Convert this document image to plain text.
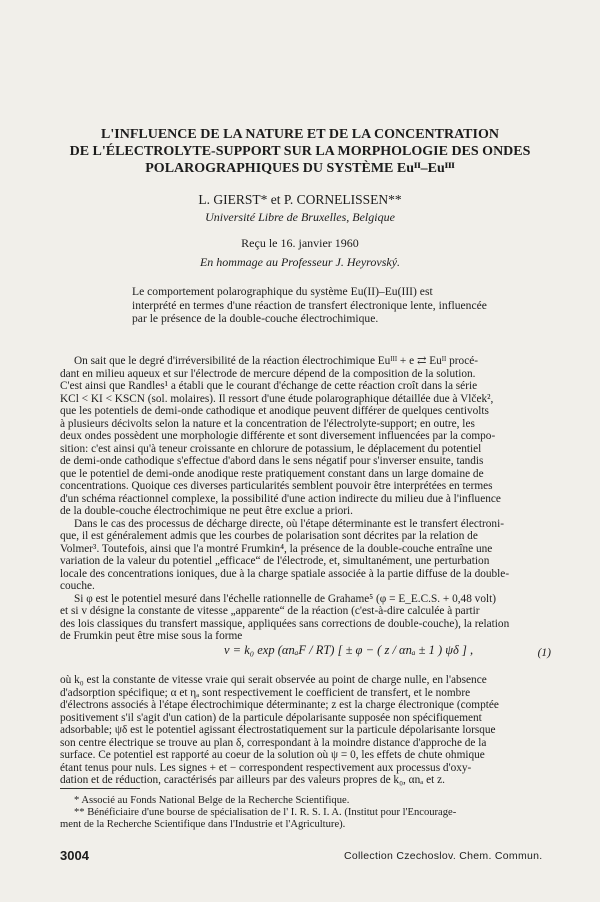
L'INFLUENCE DE LA NATURE ET DE LA CONCENTRATION
DE L'ÉLECTROLYTE-SUPPORT SUR LA MORPHOLOGIE DES ONDES
POLAROGRAPHIQUES DU SYSTÈME Euᴵᴵ–Euᴵᴵᴵ
L. GIERST* et P. CORNELISSEN**
Université Libre de Bruxelles, Belgique
Reçu le 16. janvier 1960
En hommage au Professeur J. Heyrovský.
Le comportement polarographique du système Eu(II)–Eu(III) est
interprété en termes d'une réaction de transfert électronique lente, influencée
par le présence de la double-couche électrochimique.
On sait que le degré d'irréversibilité de la réaction électrochimique Euᴵᴵᴵ + e ⇄ Euᴵᴵ procé-
dant en milieu aqueux et sur l'électrode de mercure dépend de la composition de la solution.
C'est ainsi que Randles¹ a établi que le courant d'échange de cette réaction croît dans la série
KCl < KI < KSCN (sol. molaires). Il ressort d'une étude polarographique détaillée due à Vlček²,
que les potentiels de demi-onde cathodique et anodique peuvent différer de quelques centivolts
à plusieurs décivolts selon la nature et la concentration de l'électrolyte-support; en outre, les
deux ondes possèdent une morphologie différente et sont diversement influencées par la compo-
sition: c'est ainsi qu'à teneur croissante en chlorure de potassium, le déplacement du potentiel
de demi-onde cathodique s'effectue d'abord dans le sens négatif pour s'inverser ensuite, tandis
que le potentiel de demi-onde anodique reste pratiquement constant dans un large domaine de
concentrations. Quoique ces diverses particularités semblent pouvoir être interprétées en termes
d'un schéma réactionnel complexe, la possibilité d'une action indirecte du milieu due à l'influence
de la double-couche électrochimique ne peut être exclue a priori.
Dans le cas des processus de décharge directe, où l'étape déterminante est le transfert électroni-
que, il est généralement admis que les courbes de polarisation sont décrites par la relation de
Volmer³. Toutefois, ainsi que l'a montré Frumkin⁴, la présence de la double-couche entraîne une
variation de la valeur du potentiel „efficace“ de l'électrode, et, simultanément, une perturbation
locale des concentrations ioniques, due à la charge spatiale associée à la partie diffuse de la double-
couche.
Si φ est le potentiel mesuré dans l'échelle rationnelle de Grahame⁵ (φ = E_E.C.S. + 0,48 volt)
et si v désigne la constante de vitesse „apparente“ de la réaction (c'est-à-dire calculée à partir
des lois classiques du transfert massique, appliquées sans corrections de double-couche), la relation
de Frumkin peut être mise sous la forme
v = k₀ exp (αnₐF / RT) [ ± φ − ( z / αnₐ ± 1 ) ψδ ] ,	(1)
où k₀ est la constante de vitesse vraie qui serait observée au point de charge nulle, en l'absence
d'adsorption spécifique; α et ηₐ sont respectivement le coefficient de transfert, et le nombre
d'électrons associés à l'étape électrochimique déterminante; z est la charge électronique (comptée
positivement s'il s'agit d'un cation) de la particule dépolarisante supposée non spécifiquement
adsorbable; ψδ est le potentiel agissant électrostatiquement sur la particule dépolarisante lorsque
son centre électrique se trouve au plan δ, correspondant à la moindre distance d'approche de la
surface. Ce potentiel est rapporté au coeur de la solution où ψ = 0, les effets de chute ohmique
étant tenus pour nuls. Les signes + et − correspondent respectivement aux processus d'oxy-
dation et de réduction, caractérisés par ailleurs par des valeurs propres de k₀, αnₐ et z.
* Associé au Fonds National Belge de la Recherche Scientifique.
** Bénéficiaire d'une bourse de spécialisation de l' I. R. S. I. A. (Institut pour l'Encourage-
ment de la Recherche Scientifique dans l'Industrie et l'Agriculture).
3004	Collection Czechoslov. Chem. Commun.
